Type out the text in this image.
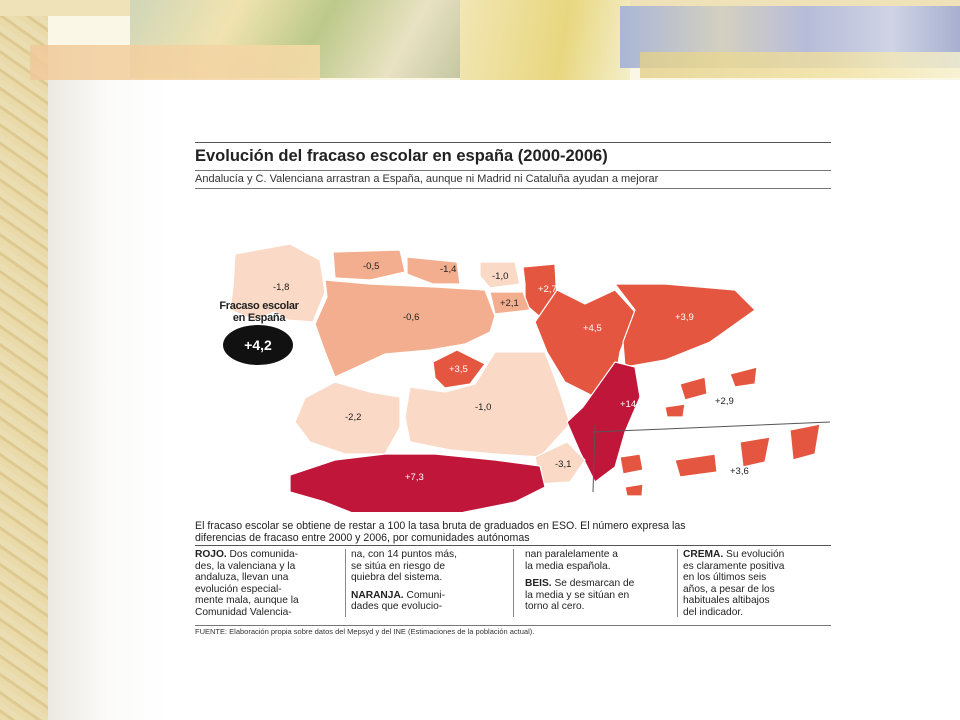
Evolución del fracaso escolar en españa (2000-2006)
Andalucía y C. Valenciana arrastran a España, aunque ni Madrid ni Cataluña ayudan a mejorar
-1,8
-0,5	-1,4
-1,0
+2,7
+2,1
-0,6
+4,5
+3,9
+3,5
-2,2
-1,0	+14,4
-3,1
+7,3
+2,9
+3,6
Fracaso escolar
en España
+4,2
El fracaso escolar se obtiene de restar a 100 la tasa bruta de graduados en ESO. El número expresa las
diferencias de fracaso entre 2000 y 2006, por comunidades autónomas
ROJO. Dos comunida-
des, la valenciana y la
andaluza, llevan una
evolución especial-
mente mala, aunque la
Comunidad Valencia-
na, con 14 puntos más,
se sitúa en riesgo de
quiebra del sistema.
NARANJA. Comuni-
dades que evolucio-
nan paralelamente a
la media española.
BEIS. Se desmarcan de
la media y se sitúan en
torno al cero.
CREMA. Su evolución
es claramente positiva
en los últimos seis
años, a pesar de los
habituales altibajos
del indicador.
FUENTE: Elaboración propia sobre datos del Mepsyd y del INE (Estimaciones de la población actual).
